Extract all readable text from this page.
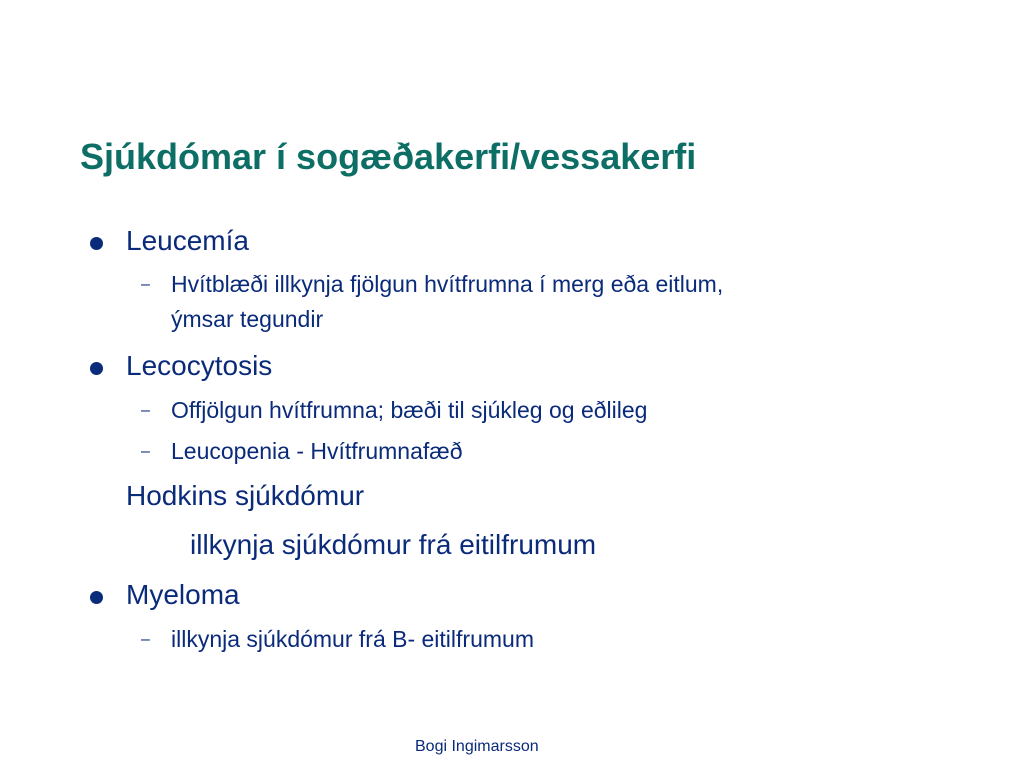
Sjúkdómar í sogæðakerfi/vessakerfi
Leucemía
– Hvítblæði illkynja fjölgun hvítfrumna í merg eða eitlum,
ýmsar tegundir
Lecocytosis
– Offjölgun hvítfrumna; bæði til sjúkleg og eðlileg
– Leucopenia - Hvítfrumnafæð
Hodkins sjúkdómur
illkynja sjúkdómur frá eitilfrumum
Myeloma
– illkynja sjúkdómur frá B- eitilfrumum
Bogi Ingimarsson
